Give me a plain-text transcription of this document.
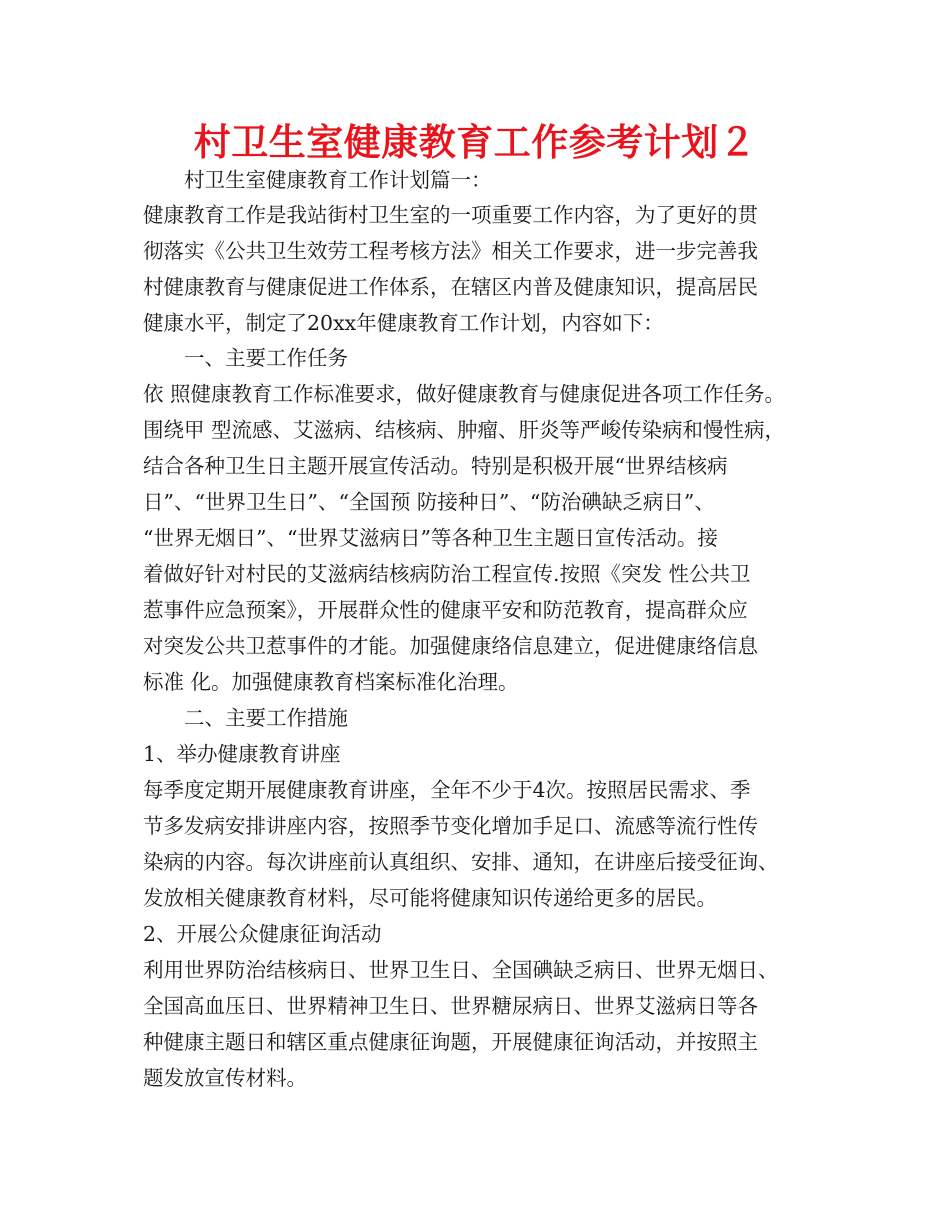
村卫生室健康教育工作参考计划２
村卫生室健康教育工作计划篇一：
健康教育工作是我站街村卫生室的一项重要工作内容，为了更好的贯
彻落实《公共卫生效劳工程考核方法》相关工作要求，进一步完善我
村健康教育与健康促进工作体系，在辖区内普及健康知识，提高居民
健康水平，制定了20xx年健康教育工作计划，内容如下：
一、主要工作任务
依 照健康教育工作标准要求，做好健康教育与健康促进各项工作任务。
围绕甲 型流感、艾滋病、结核病、肿瘤、肝炎等严峻传染病和慢性病，
结合各种卫生日主题开展宣传活动。特别是积极开展“世界结核病
日”、“世界卫生日”、“全国预 防接种日”、“防治碘缺乏病日”、
“世界无烟日”、“世界艾滋病日”等各种卫生主题日宣传活动。接
着做好针对村民的艾滋病结核病防治工程宣传.按照《突发 性公共卫
惹事件应急预案》，开展群众性的健康平安和防范教育，提高群众应
对突发公共卫惹事件的才能。加强健康络信息建立，促进健康络信息
标准 化。加强健康教育档案标准化治理。
二、主要工作措施
1、举办健康教育讲座
每季度定期开展健康教育讲座，全年不少于4次。按照居民需求、季
节多发病安排讲座内容，按照季节变化增加手足口、流感等流行性传
染病的内容。每次讲座前认真组织、安排、通知，在讲座后接受征询、
发放相关健康教育材料，尽可能将健康知识传递给更多的居民。
2、开展公众健康征询活动
利用世界防治结核病日、世界卫生日、全国碘缺乏病日、世界无烟日、
全国高血压日、世界精神卫生日、世界糖尿病日、世界艾滋病日等各
种健康主题日和辖区重点健康征询题，开展健康征询活动，并按照主
题发放宣传材料。
